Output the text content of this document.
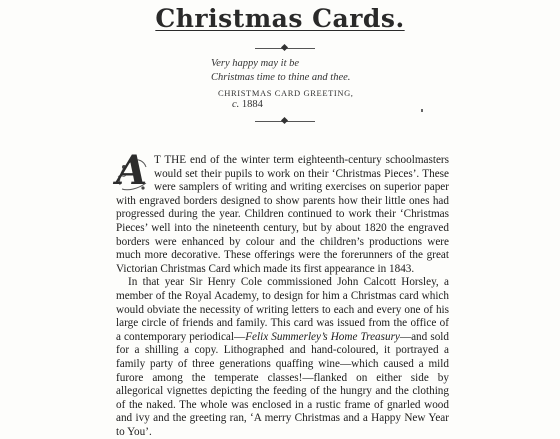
Christmas Cards.
Very happy may it be
Christmas time to thine and thee.
CHRISTMAS CARD GREETING,
c. 1884
A T THE end of the winter term eighteenth-century schoolmasters would set their pupils to work on their ‘Christmas Pieces’. These were samplers of writing and writing exercises on superior paper with engraved borders designed to show parents how their little ones had progressed during the year. Children continued to work their ‘Christmas Pieces’ well into the nineteenth century, but by about 1820 the engraved borders were enhanced by colour and the children’s productions were much more decorative. These offerings were the forerunners of the great Victorian Christmas Card which made its first appearance in 1843.

In that year Sir Henry Cole commissioned John Calcott Horsley, a member of the Royal Academy, to design for him a Christmas card which would obviate the necessity of writing letters to each and every one of his large circle of friends and family. This card was issued from the office of a contemporary periodical—Felix Summerley’s Home Treasury—and sold for a shilling a copy. Lithographed and hand-coloured, it portrayed a family party of three generations quaffing wine—which caused a mild furore among the temperate classes!—flanked on either side by allegorical vignettes depicting the feeding of the hungry and the clothing of the naked. The whole was enclosed in a rustic frame of gnarled wood and ivy and the greeting ran, ‘A merry Christmas and a Happy New Year to You’.
